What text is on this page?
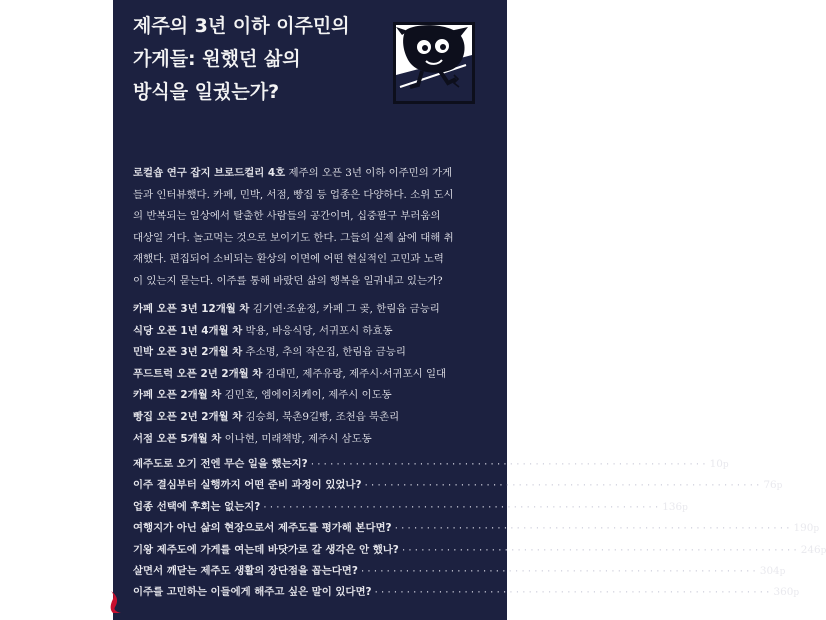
제주의 3년 이하 이주민의
가게들: 원했던 삶의
방식을 일궜는가?
로컬숍 연구 잡지 브로드컬리 4호 제주의 오픈 3년 이하 이주민의 가게
들과 인터뷰했다. 카페, 민박, 서점, 빵집 등 업종은 다양하다. 소위 도시
의 반복되는 일상에서 탈출한 사람들의 공간이며, 십중팔구 부러움의
대상일 거다. 놀고먹는 것으로 보이기도 한다. 그들의 실제 삶에 대해 취
재했다. 편집되어 소비되는 환상의 이면에 어떤 현실적인 고민과 노력
이 있는지 묻는다. 이주를 통해 바랐던 삶의 행복을 일궈내고 있는가?
카페 오픈 3년 12개월 차 김기연·조윤정, 카페 그 곶, 한림읍 금능리
식당 오픈 1년 4개월 차 박용, 바응식당, 서귀포시 하효동
민박 오픈 3년 2개월 차 추소명, 추의 작은집, 한림읍 금능리
푸드트럭 오픈 2년 2개월 차 김대민, 제주유랑, 제주시·서귀포시 일대
카페 오픈 2개월 차 김민호, 엠에이치케이, 제주시 이도동
빵집 오픈 2년 2개월 차 김승희, 북촌9길빵, 조천읍 북촌리
서점 오픈 5개월 차 이나현, 미래책방, 제주시 삼도동
제주도로 오기 전엔 무슨 일을 했는지? ······························································ 10p
이주 결심부터 실행까지 어떤 준비 과정이 있었나? ······························································ 76p
업종 선택에 후회는 없는지? ······························································ 136p
여행지가 아닌 삶의 현장으로서 제주도를 평가해 본다면? ······························································ 190p
기왕 제주도에 가게를 여는데 바닷가로 갈 생각은 안 했나? ······························································ 246p
살면서 깨닫는 제주도 생활의 장단점을 꼽는다면? ······························································ 304p
이주를 고민하는 이들에게 해주고 싶은 말이 있다면? ······························································ 360p
